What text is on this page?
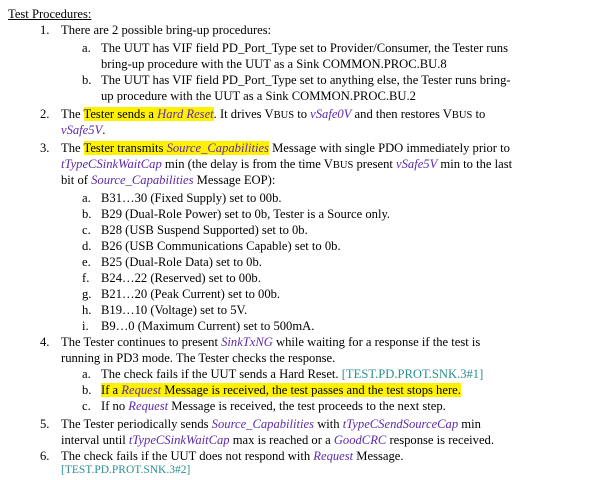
Test Procedures:
1. There are 2 possible bring-up procedures:
a. The UUT has VIF field PD_Port_Type set to Provider/Consumer, the Tester runs
bring-up procedure with the UUT as a Sink COMMON.PROC.BU.8
b. The UUT has VIF field PD_Port_Type set to anything else, the Tester runs bring-
up procedure with the UUT as a Sink COMMON.PROC.BU.2
2. The Tester sends a Hard Reset. It drives VBUS to vSafe0V and then restores VBUS to
vSafe5V.
3. The Tester transmits Source_Capabilities Message with single PDO immediately prior to
tTypeCSinkWaitCap min (the delay is from the time VBUS present vSafe5V min to the last
bit of Source_Capabilities Message EOP):
a. B31…30 (Fixed Supply) set to 00b.
b. B29 (Dual-Role Power) set to 0b, Tester is a Source only.
c. B28 (USB Suspend Supported) set to 0b.
d. B26 (USB Communications Capable) set to 0b.
e. B25 (Dual-Role Data) set to 0b.
f. B24…22 (Reserved) set to 00b.
g. B21…20 (Peak Current) set to 00b.
h. B19…10 (Voltage) set to 5V.
i. B9…0 (Maximum Current) set to 500mA.
4. The Tester continues to present SinkTxNG while waiting for a response if the test is
running in PD3 mode. The Tester checks the response.
a. The check fails if the UUT sends a Hard Reset. [TEST.PD.PROT.SNK.3#1]
b. If a Request Message is received, the test passes and the test stops here.
c. If no Request Message is received, the test proceeds to the next step.
5. The Tester periodically sends Source_Capabilities with tTypeCSendSourceCap min
interval until tTypeCSinkWaitCap max is reached or a GoodCRC response is received.
6. The check fails if the UUT does not respond with Request Message.
[TEST.PD.PROT.SNK.3#2]
